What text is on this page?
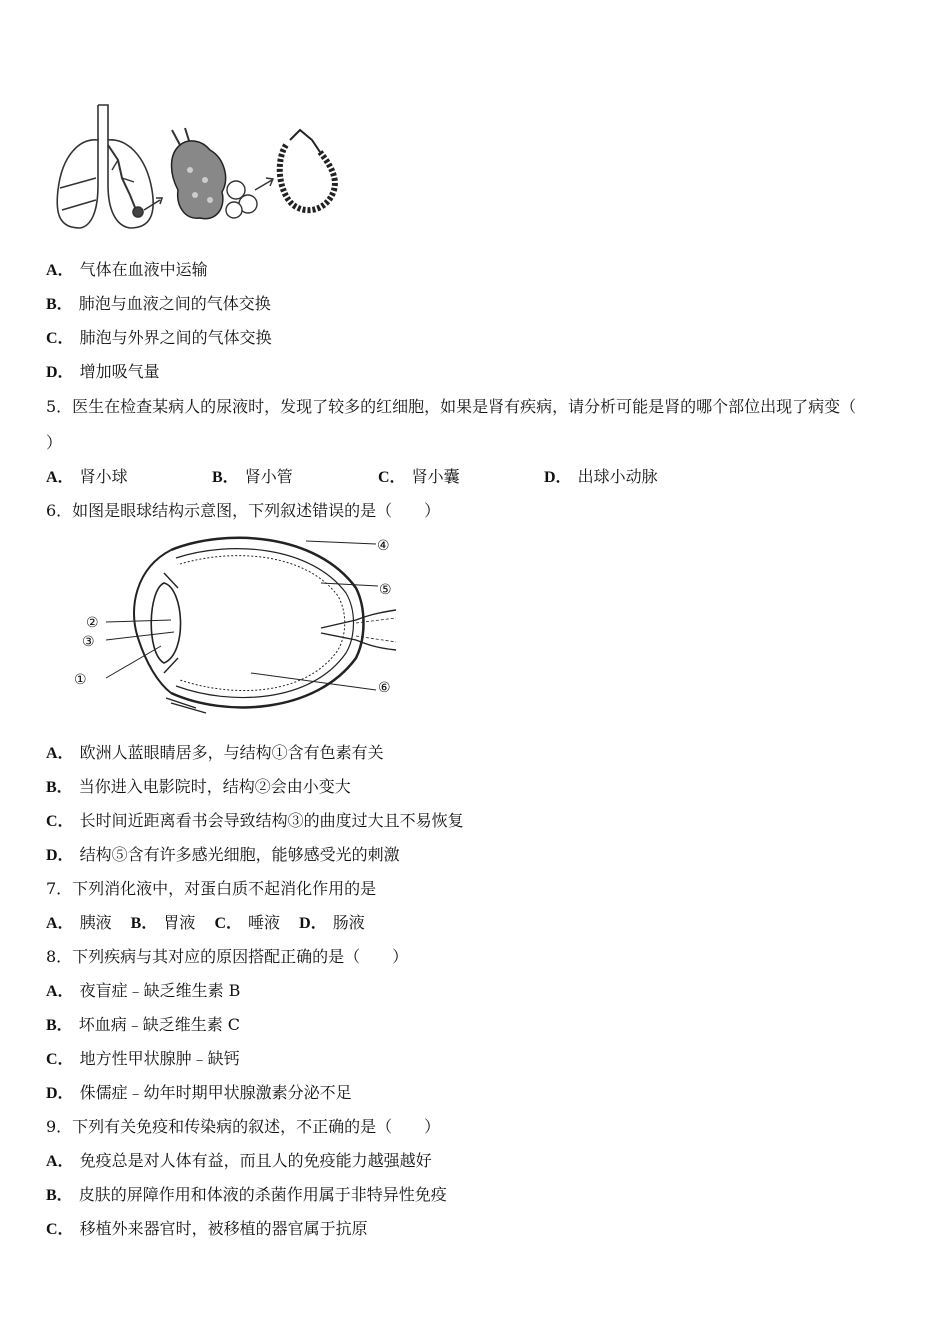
A． 气体在血液中运输
B． 肺泡与血液之间的气体交换
C． 肺泡与外界之间的气体交换
D． 增加吸气量
5．医生在检查某病人的尿液时，发现了较多的红细胞，如果是肾有疾病，请分析可能是肾的哪个部位出现了病变（
）
A． 肾小球	B． 肾小管	C． 肾小囊	D． 出球小动脉
6．如图是眼球结构示意图，下列叙述错误的是（　　）
④
⑤
②
③
①	⑥
A． 欧洲人蓝眼睛居多，与结构①含有色素有关
B． 当你进入电影院时，结构②会由小变大
C． 长时间近距离看书会导致结构③的曲度过大且不易恢复
D． 结构⑤含有许多感光细胞，能够感受光的刺激
7．下列消化液中，对蛋白质不起消化作用的是
A． 胰液 B． 胃液 C． 唾液 D． 肠液
8．下列疾病与其对应的原因搭配正确的是（　　）
A． 夜盲症﹣缺乏维生素 B
B． 坏血病﹣缺乏维生素 C
C． 地方性甲状腺肿﹣缺钙
D． 侏儒症﹣幼年时期甲状腺激素分泌不足
9．下列有关免疫和传染病的叙述，不正确的是（　　）
A． 免疫总是对人体有益，而且人的免疫能力越强越好
B． 皮肤的屏障作用和体液的杀菌作用属于非特异性免疫
C． 移植外来器官时，被移植的器官属于抗原
